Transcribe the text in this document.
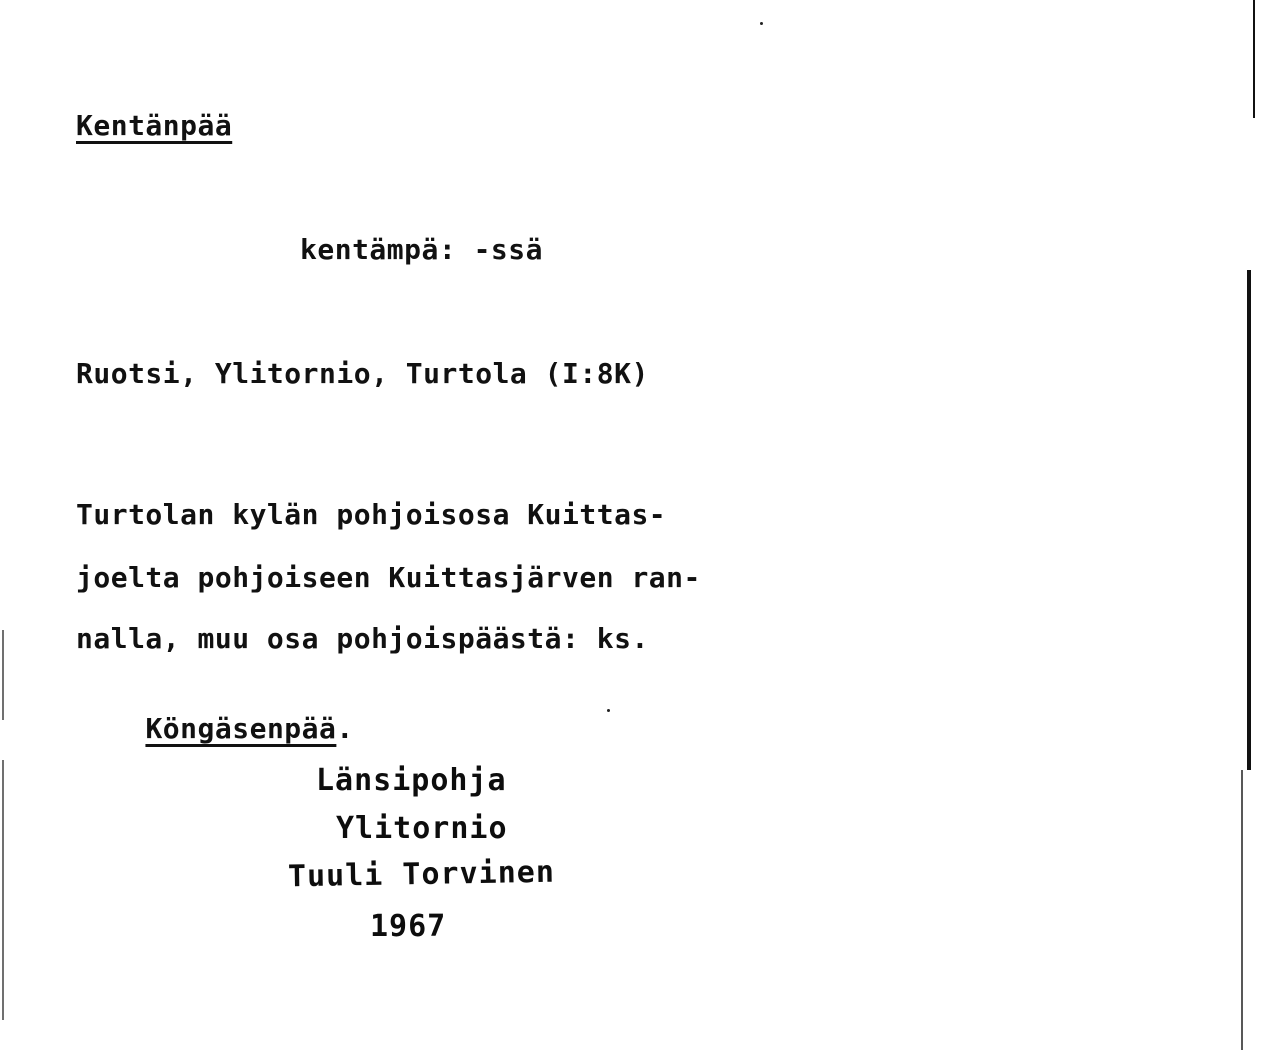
Kentänpää
kentämpä: -ssä
Ruotsi, Ylitornio, Turtola (I:8K)
Turtolan kylän pohjoisosa Kuittas-
joelta pohjoiseen Kuittasjärven ran-
nalla, muu osa pohjoispäästä: ks.

Köngäsenpää.

Länsipohja
Ylitornio
Tuuli Torvinen
1967
